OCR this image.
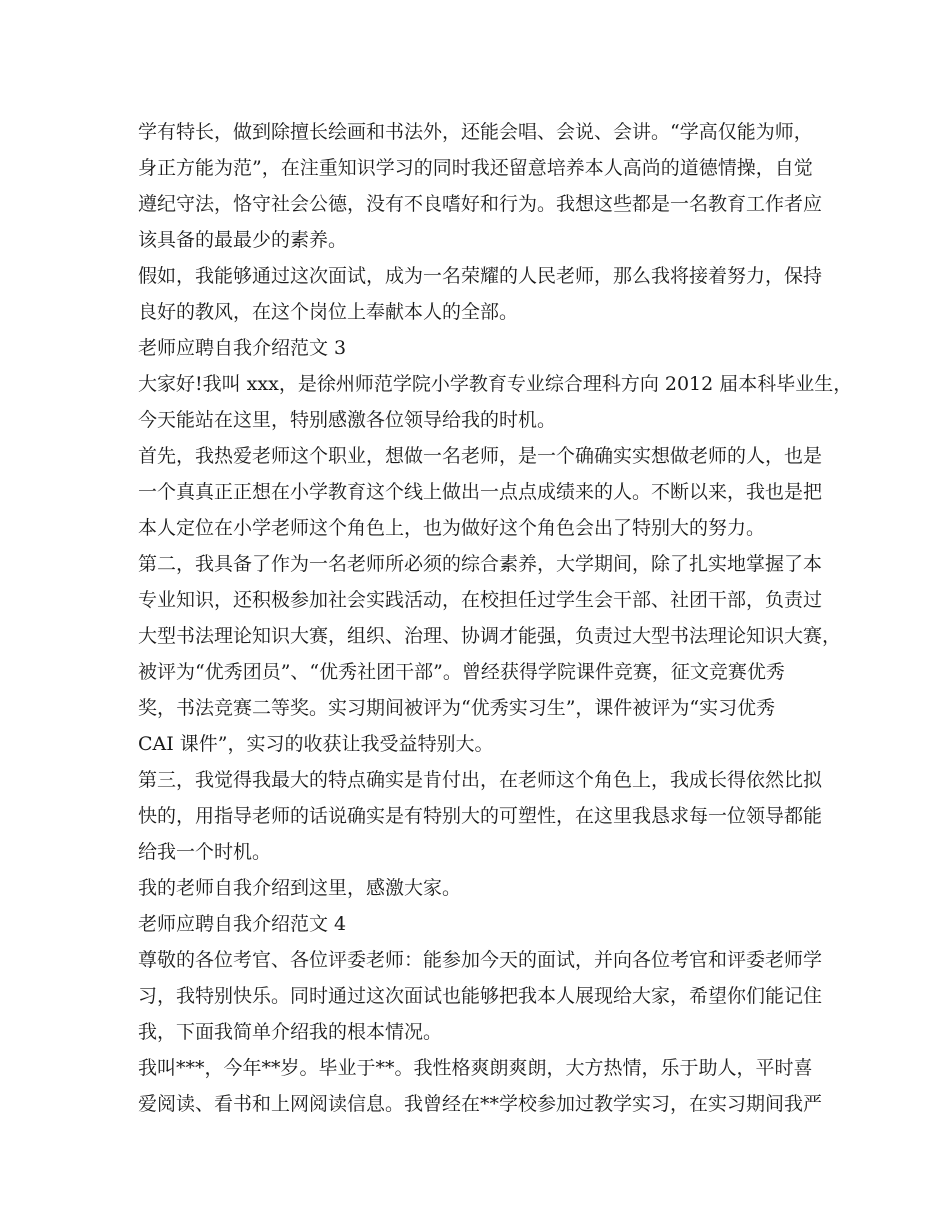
学有特长，做到除擅长绘画和书法外，还能会唱、会说、会讲。“学高仅能为师，
身正方能为范”，在注重知识学习的同时我还留意培养本人高尚的道德情操，自觉
遵纪守法，恪守社会公德，没有不良嗜好和行为。我想这些都是一名教育工作者应
该具备的最最少的素养。
假如，我能够通过这次面试，成为一名荣耀的人民老师，那么我将接着努力，保持
良好的教风，在这个岗位上奉献本人的全部。
老师应聘自我介绍范文 3
大家好!我叫 xxx，是徐州师范学院小学教育专业综合理科方向 2012 届本科毕业生，
今天能站在这里，特别感激各位领导给我的时机。
首先，我热爱老师这个职业，想做一名老师，是一个确确实实想做老师的人，也是
一个真真正正想在小学教育这个线上做出一点点成绩来的人。不断以来，我也是把
本人定位在小学老师这个角色上，也为做好这个角色会出了特别大的努力。
第二，我具备了作为一名老师所必须的综合素养，大学期间，除了扎实地掌握了本
专业知识，还积极参加社会实践活动，在校担任过学生会干部、社团干部，负责过
大型书法理论知识大赛，组织、治理、协调才能强，负责过大型书法理论知识大赛，
被评为“优秀团员”、“优秀社团干部”。曾经获得学院课件竞赛，征文竞赛优秀
奖，书法竞赛二等奖。实习期间被评为“优秀实习生”，课件被评为“实习优秀
CAI 课件”，实习的收获让我受益特别大。
第三，我觉得我最大的特点确实是肯付出，在老师这个角色上，我成长得依然比拟
快的，用指导老师的话说确实是有特别大的可塑性，在这里我恳求每一位领导都能
给我一个时机。
我的老师自我介绍到这里，感激大家。
老师应聘自我介绍范文 4
尊敬的各位考官、各位评委老师：能参加今天的面试，并向各位考官和评委老师学
习，我特别快乐。同时通过这次面试也能够把我本人展现给大家，希望你们能记住
我，下面我简单介绍我的根本情况。
我叫***，今年**岁。毕业于**。我性格爽朗爽朗，大方热情，乐于助人，平时喜
爱阅读、看书和上网阅读信息。我曾经在**学校参加过教学实习，在实习期间我严
